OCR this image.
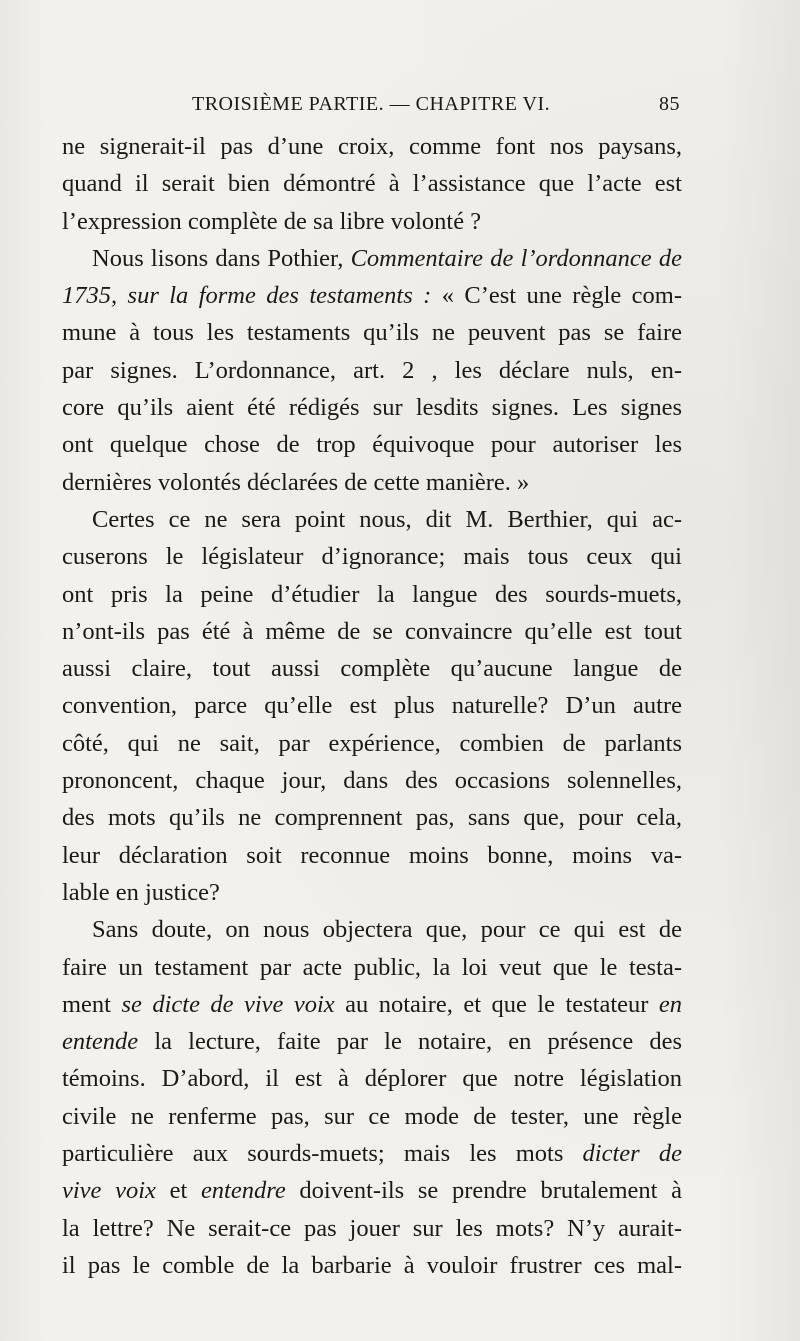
TROISIÈME PARTIE. — CHAPITRE VI.	85
ne signerait-il pas d’une croix, comme font nos paysans,
quand il serait bien démontré à l’assistance que l’acte est
l’expression complète de sa libre volonté ?
Nous lisons dans Pothier, Commentaire de l’ordonnance de
1735, sur la forme des testaments : « C’est une règle com-
mune à tous les testaments qu’ils ne peuvent pas se faire
par signes. L’ordonnance, art. 2 , les déclare nuls, en-
core qu’ils aient été rédigés sur lesdits signes. Les signes
ont quelque chose de trop équivoque pour autoriser les
dernières volontés déclarées de cette manière. »
Certes ce ne sera point nous, dit M. Berthier, qui ac-
cuserons le législateur d’ignorance; mais tous ceux qui
ont pris la peine d’étudier la langue des sourds-muets,
n’ont-ils pas été à même de se convaincre qu’elle est tout
aussi claire, tout aussi complète qu’aucune langue de
convention, parce qu’elle est plus naturelle? D’un autre
côté, qui ne sait, par expérience, combien de parlants
prononcent, chaque jour, dans des occasions solennelles,
des mots qu’ils ne comprennent pas, sans que, pour cela,
leur déclaration soit reconnue moins bonne, moins va-
lable en justice?
Sans doute, on nous objectera que, pour ce qui est de
faire un testament par acte public, la loi veut que le testa-
ment se dicte de vive voix au notaire, et que le testateur en
entende la lecture, faite par le notaire, en présence des
témoins. D’abord, il est à déplorer que notre législation
civile ne renferme pas, sur ce mode de tester, une règle
particulière aux sourds-muets; mais les mots dicter de
vive voix et entendre doivent-ils se prendre brutalement à
la lettre? Ne serait-ce pas jouer sur les mots? N’y aurait-
il pas le comble de la barbarie à vouloir frustrer ces mal-
